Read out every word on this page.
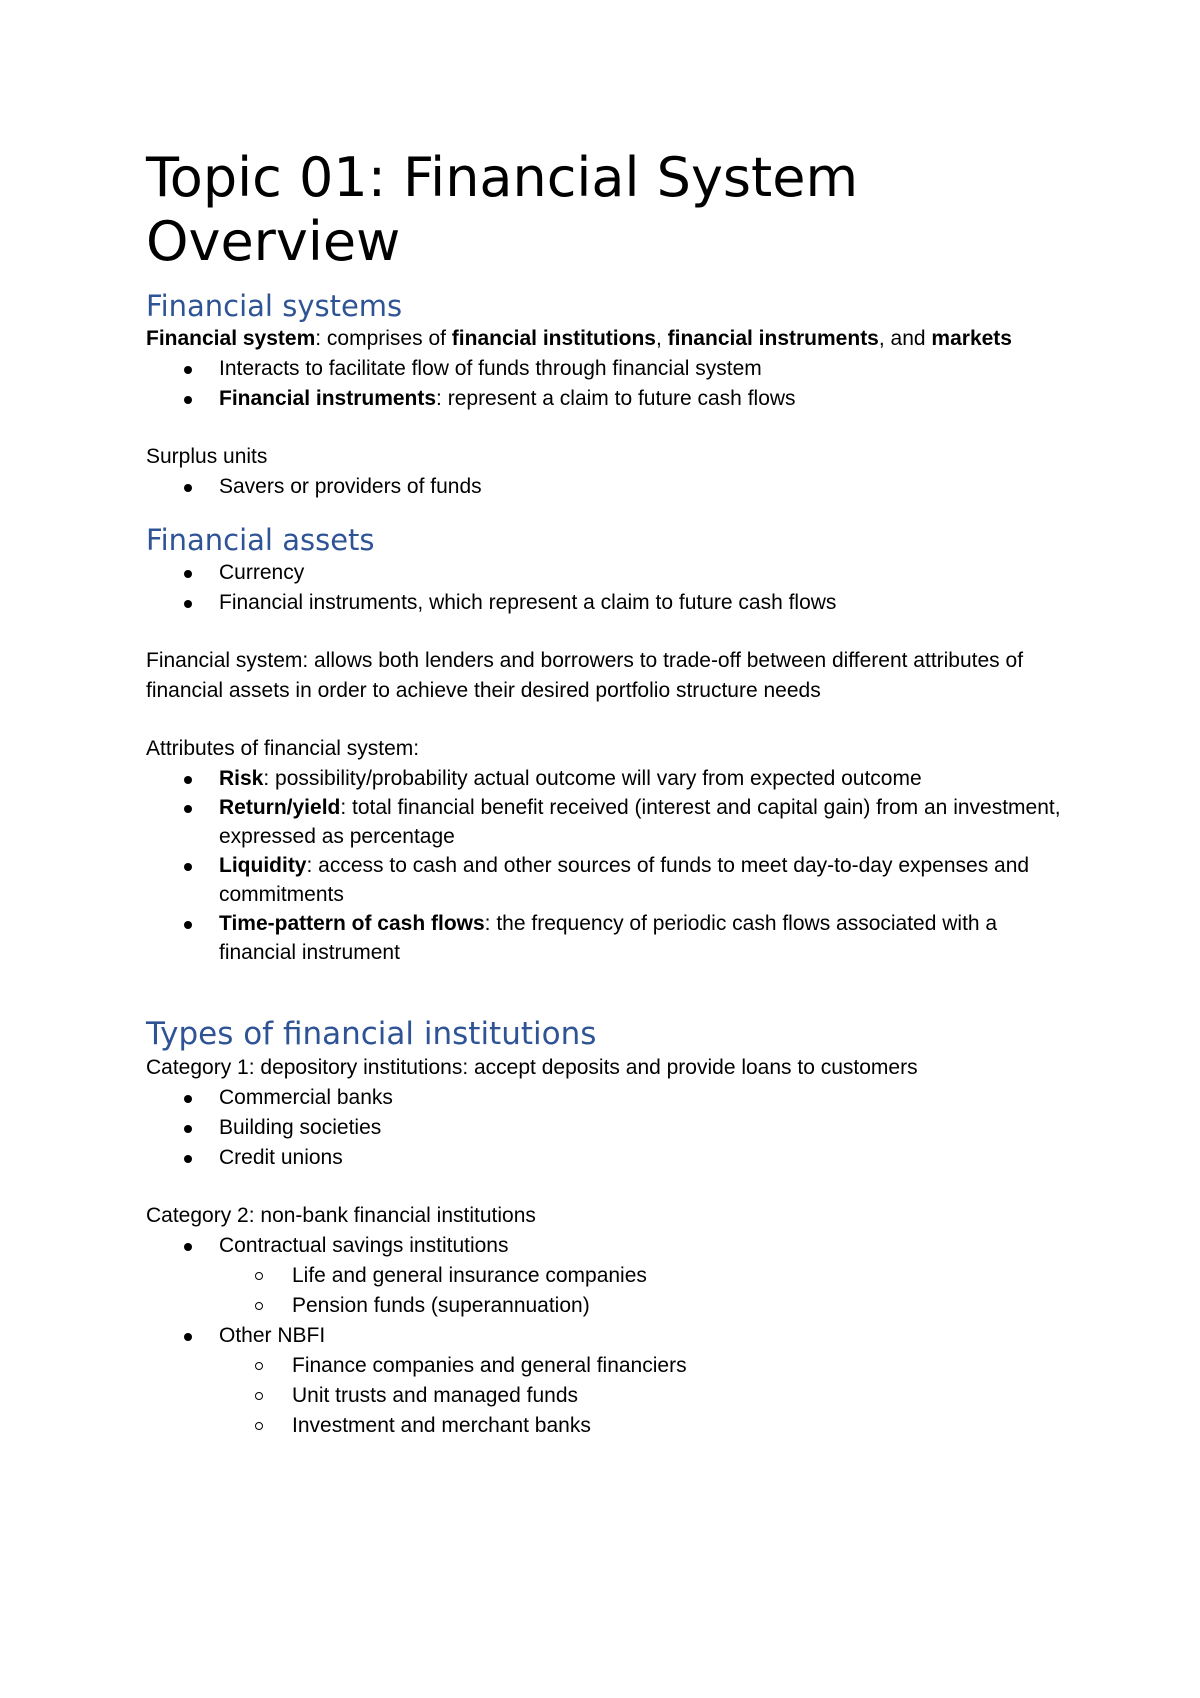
Topic 01: Financial System Overview
Financial systems

Financial system: comprises of financial institutions, financial instruments, and markets

Interacts to facilitate flow of funds through financial system
Financial instruments: represent a claim to future cash flows

Surplus units

Savers or providers of funds
Financial assets
Currency
Financial instruments, which represent a claim to future cash flows

Financial system: allows both lenders and borrowers to trade-off between different attributes of financial assets in order to achieve their desired portfolio structure needs

Attributes of financial system:

Risk: possibility/probability actual outcome will vary from expected outcome
Return/yield: total financial benefit received (interest and capital gain) from an investment, expressed as percentage
Liquidity: access to cash and other sources of funds to meet day-to-day expenses and commitments
Time-pattern of cash flows: the frequency of periodic cash flows associated with a financial instrument
Types of financial institutions

Category 1: depository institutions: accept deposits and provide loans to customers

Commercial banks
Building societies
Credit unions

Category 2: non-bank financial institutions

Contractual savings institutions
Life and general insurance companies
Pension funds (superannuation)
Other NBFI
Finance companies and general financiers
Unit trusts and managed funds
Investment and merchant banks
